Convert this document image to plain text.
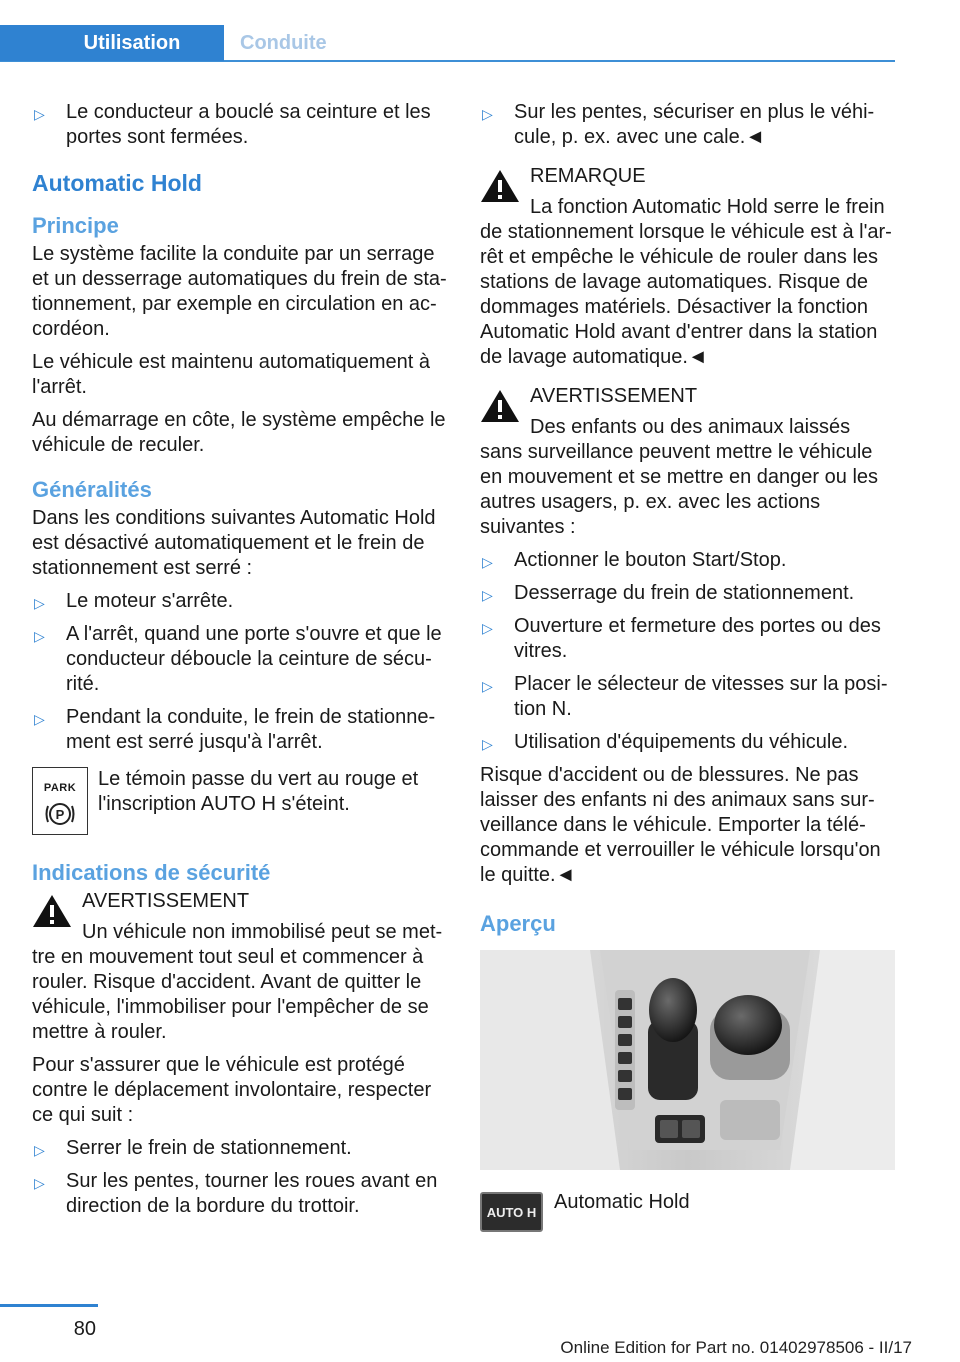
Utilisation	Conduite
▷ Le conducteur a bouclé sa ceinture et les portes sont fermées.
Automatic Hold
Principe
Le système facilite la conduite par un serrage et un desserrage automatiques du frein de stationnement, par exemple en circulation en accordéon.
Le véhicule est maintenu automatiquement à l'arrêt.
Au démarrage en côte, le système empêche le véhicule de reculer.
Généralités
Dans les conditions suivantes Automatic Hold est désactivé automatiquement et le frein de stationnement est serré :
▷ Le moteur s'arrête.
▷ A l'arrêt, quand une porte s'ouvre et que le conducteur déboucle la ceinture de sécurité.
▷ Pendant la conduite, le frein de stationnement est serré jusqu'à l'arrêt.
PARK
P
Le témoin passe du vert au rouge et l'inscription AUTO H s'éteint.
Indications de sécurité
AVERTISSEMENT
Un véhicule non immobilisé peut se mettre en mouvement tout seul et commencer à rouler. Risque d'accident. Avant de quitter le véhicule, l'immobiliser pour l'empêcher de se mettre à rouler.
Pour s'assurer que le véhicule est protégé contre le déplacement involontaire, respecter ce qui suit :
▷ Serrer le frein de stationnement.
▷ Sur les pentes, tourner les roues avant en direction de la bordure du trottoir.
▷ Sur les pentes, sécuriser en plus le véhicule, p. ex. avec une cale.◄
REMARQUE
La fonction Automatic Hold serre le frein de stationnement lorsque le véhicule est à l'arrêt et empêche le véhicule de rouler dans les stations de lavage automatiques. Risque de dommages matériels. Désactiver la fonction Automatic Hold avant d'entrer dans la station de lavage automatique.◄
AVERTISSEMENT
Des enfants ou des animaux laissés sans surveillance peuvent mettre le véhicule en mouvement et se mettre en danger ou les autres usagers, p. ex. avec les actions suivantes :
▷ Actionner le bouton Start/Stop.
▷ Desserrage du frein de stationnement.
▷ Ouverture et fermeture des portes ou des vitres.
▷ Placer le sélecteur de vitesses sur la position N.
▷ Utilisation d'équipements du véhicule.
Risque d'accident ou de blessures. Ne pas laisser des enfants ni des animaux sans surveillance dans le véhicule. Emporter la télécommande et verrouiller le véhicule lorsqu'on le quitte.◄
Aperçu
AUTO H Automatic Hold
80
Online Edition for Part no. 01402978506 - II/17
